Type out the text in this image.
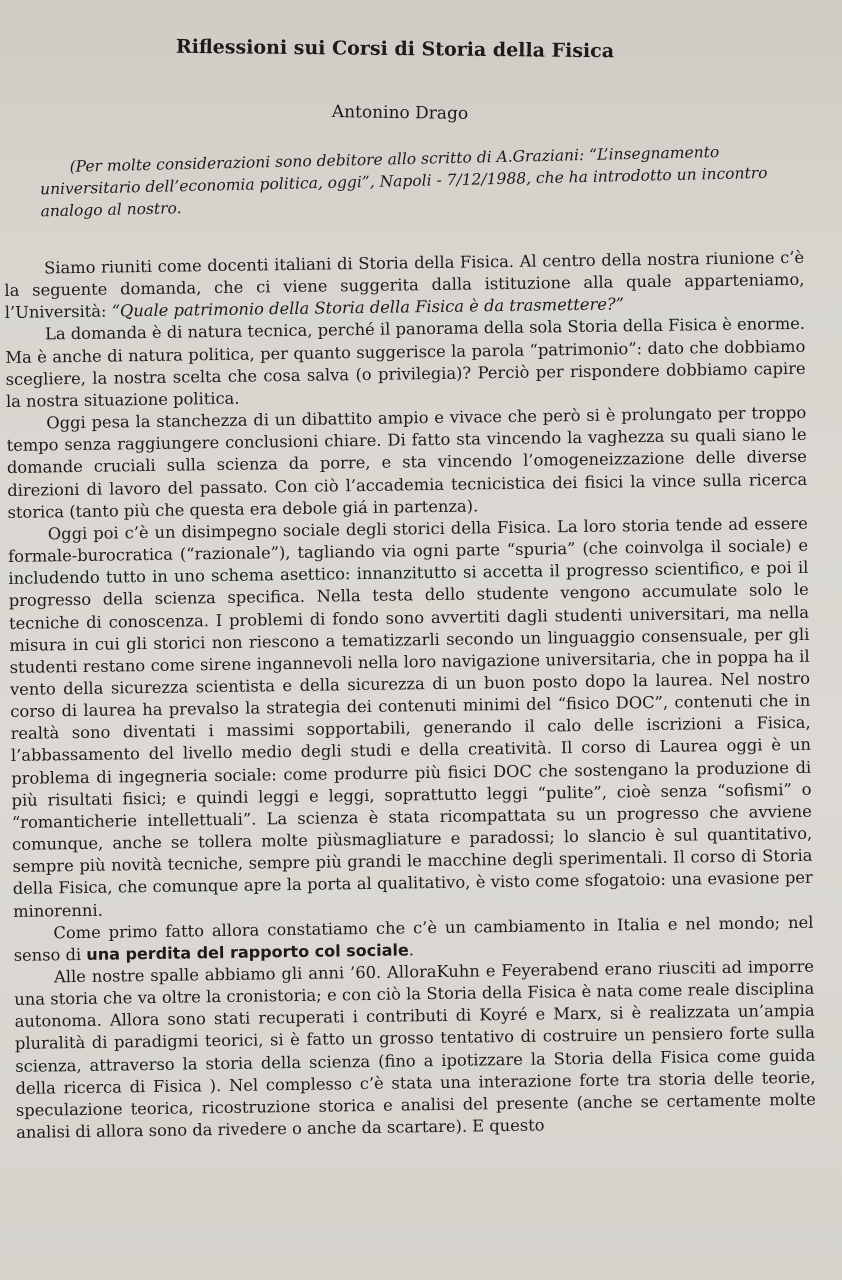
Riflessioni sui Corsi di Storia della Fisica
Antonino Drago
(Per molte considerazioni sono debitore allo scritto di A.Graziani: “L’insegnamento universitario dell’economia politica, oggi”, Napoli - 7/12/1988, che ha introdotto un incontro analogo al nostro.

Siamo riuniti come docenti italiani di Storia della Fisica. Al centro della nostra riunione c’è la seguente domanda, che ci viene suggerita dalla istituzione alla quale apparteniamo, l’Università: “Quale patrimonio della Storia della Fisica è da trasmettere?”

La domanda è di natura tecnica, perché il panorama della sola Storia della Fisica è enorme. Ma è anche di natura politica, per quanto suggerisce la parola “patrimonio”: dato che dobbiamo scegliere, la nostra scelta che cosa salva (o privilegia)? Perciò per rispondere dobbiamo capire la nostra situazione politica.

Oggi pesa la stanchezza di un dibattito ampio e vivace che però si è prolungato per troppo tempo senza raggiungere conclusioni chiare. Di fatto sta vincendo la vaghezza su quali siano le domande cruciali sulla scienza da porre, e sta vincendo l’omogeneizzazione delle diverse direzioni di lavoro del passato. Con ciò l’accademia tecnicistica dei fisici la vince sulla ricerca storica (tanto più che questa era debole giá in partenza).

Oggi poi c’è un disimpegno sociale degli storici della Fisica. La loro storia tende ad essere formale-burocratica (“razionale”), tagliando via ogni parte “spuria” (che coinvolga il sociale) e includendo tutto in uno schema asettico: innanzitutto si accetta il progresso scientifico, e poi il progresso della scienza specifica. Nella testa dello studente vengono accumulate solo le tecniche di conoscenza. I problemi di fondo sono avvertiti dagli studenti universitari, ma nella misura in cui gli storici non riescono a tematizzarli secondo un linguaggio consensuale, per gli studenti restano come sirene ingannevoli nella loro navigazione universitaria, che in poppa ha il vento della sicurezza scientista e della sicurezza di un buon posto dopo la laurea. Nel nostro corso di laurea ha prevalso la strategia dei contenuti minimi del “fisico DOC”, contenuti che in realtà sono diventati i massimi sopportabili, generando il calo delle iscrizioni a Fisica, l’abbassamento del livello medio degli studi e della creatività. Il corso di Laurea oggi è un problema di ingegneria sociale: come produrre più fisici DOC che sostengano la produzione di più risultati fisici; e quindi leggi e leggi, soprattutto leggi “pulite”, cioè senza “sofismi” o “romanticherie intellettuali”. La scienza è stata ricompattata su un progresso che avviene comunque, anche se tollera molte piùsmagliature e paradossi; lo slancio è sul quantitativo, sempre più novità tecniche, sempre più grandi le macchine degli sperimentali. Il corso di Storia della Fisica, che comunque apre la porta al qualitativo, è visto come sfogatoio: una evasione per minorenni.

Come primo fatto allora constatiamo che c’è un cambiamento in Italia e nel mondo; nel senso di una perdita del rapporto col sociale.

Alle nostre spalle abbiamo gli anni ’60. AlloraKuhn e Feyerabend erano riusciti ad imporre una storia che va oltre la cronistoria; e con ciò la Storia della Fisica è nata come reale disciplina autonoma. Allora sono stati recuperati i contributi di Koyré e Marx, si è realizzata un’ampia pluralità di paradigmi teorici, si è fatto un grosso tentativo di costruire un pensiero forte sulla scienza, attraverso la storia della scienza (fino a ipotizzare la Storia della Fisica come guida della ricerca di Fisica ). Nel complesso c’è stata una interazione forte tra storia delle teorie, speculazione teorica, ricostruzione storica e analisi del presente (anche se certamente molte analisi di allora sono da rivedere o anche da scartare). E questo
